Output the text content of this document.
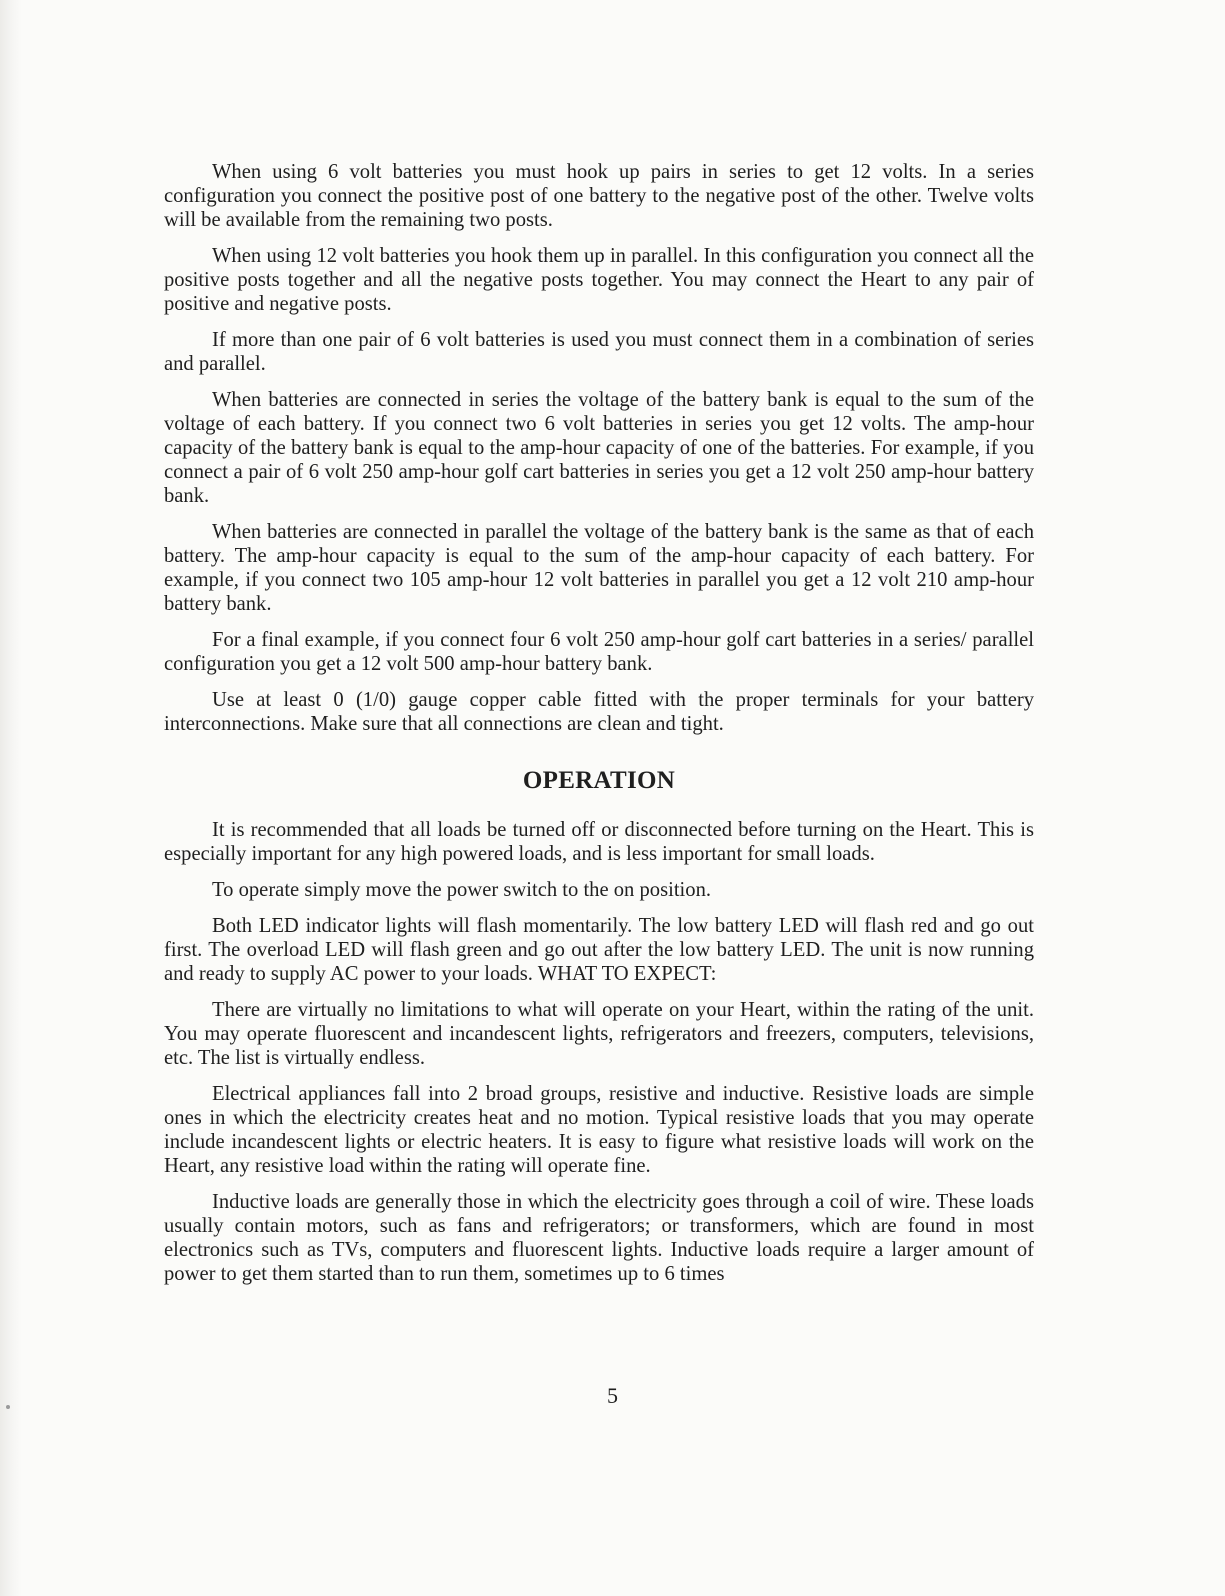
When using 6 volt batteries you must hook up pairs in series to get 12 volts. In a series configuration you connect the positive post of one battery to the negative post of the other. Twelve volts will be available from the remaining two posts.

When using 12 volt batteries you hook them up in parallel. In this configuration you connect all the positive posts together and all the negative posts together. You may connect the Heart to any pair of positive and negative posts.

If more than one pair of 6 volt batteries is used you must connect them in a combination of series and parallel.

When batteries are connected in series the voltage of the battery bank is equal to the sum of the voltage of each battery. If you connect two 6 volt batteries in series you get 12 volts. The amp-hour capacity of the battery bank is equal to the amp-hour capacity of one of the batteries. For example, if you connect a pair of 6 volt 250 amp-hour golf cart batteries in series you get a 12 volt 250 amp-hour battery bank.

When batteries are connected in parallel the voltage of the battery bank is the same as that of each battery. The amp-hour capacity is equal to the sum of the amp-hour capacity of each battery. For example, if you connect two 105 amp-hour 12 volt batteries in parallel you get a 12 volt 210 amp-hour battery bank.

For a final example, if you connect four 6 volt 250 amp-hour golf cart batteries in a series/ parallel configuration you get a 12 volt 500 amp-hour battery bank.

Use at least 0 (1/0) gauge copper cable fitted with the proper terminals for your battery interconnections. Make sure that all connections are clean and tight.

OPERATION

It is recommended that all loads be turned off or disconnected before turning on the Heart. This is especially important for any high powered loads, and is less important for small loads.

To operate simply move the power switch to the on position.

Both LED indicator lights will flash momentarily. The low battery LED will flash red and go out first. The overload LED will flash green and go out after the low battery LED. The unit is now running and ready to supply AC power to your loads. WHAT TO EXPECT:

There are virtually no limitations to what will operate on your Heart, within the rating of the unit. You may operate fluorescent and incandescent lights, refrigerators and freezers, computers, televisions, etc. The list is virtually endless.

Electrical appliances fall into 2 broad groups, resistive and inductive. Resistive loads are simple ones in which the electricity creates heat and no motion. Typical resistive loads that you may operate include incandescent lights or electric heaters. It is easy to figure what resistive loads will work on the Heart, any resistive load within the rating will operate fine.

Inductive loads are generally those in which the electricity goes through a coil of wire. These loads usually contain motors, such as fans and refrigerators; or transformers, which are found in most electronics such as TVs, computers and fluorescent lights. Inductive loads require a larger amount of power to get them started than to run them, sometimes up to 6 times

5
